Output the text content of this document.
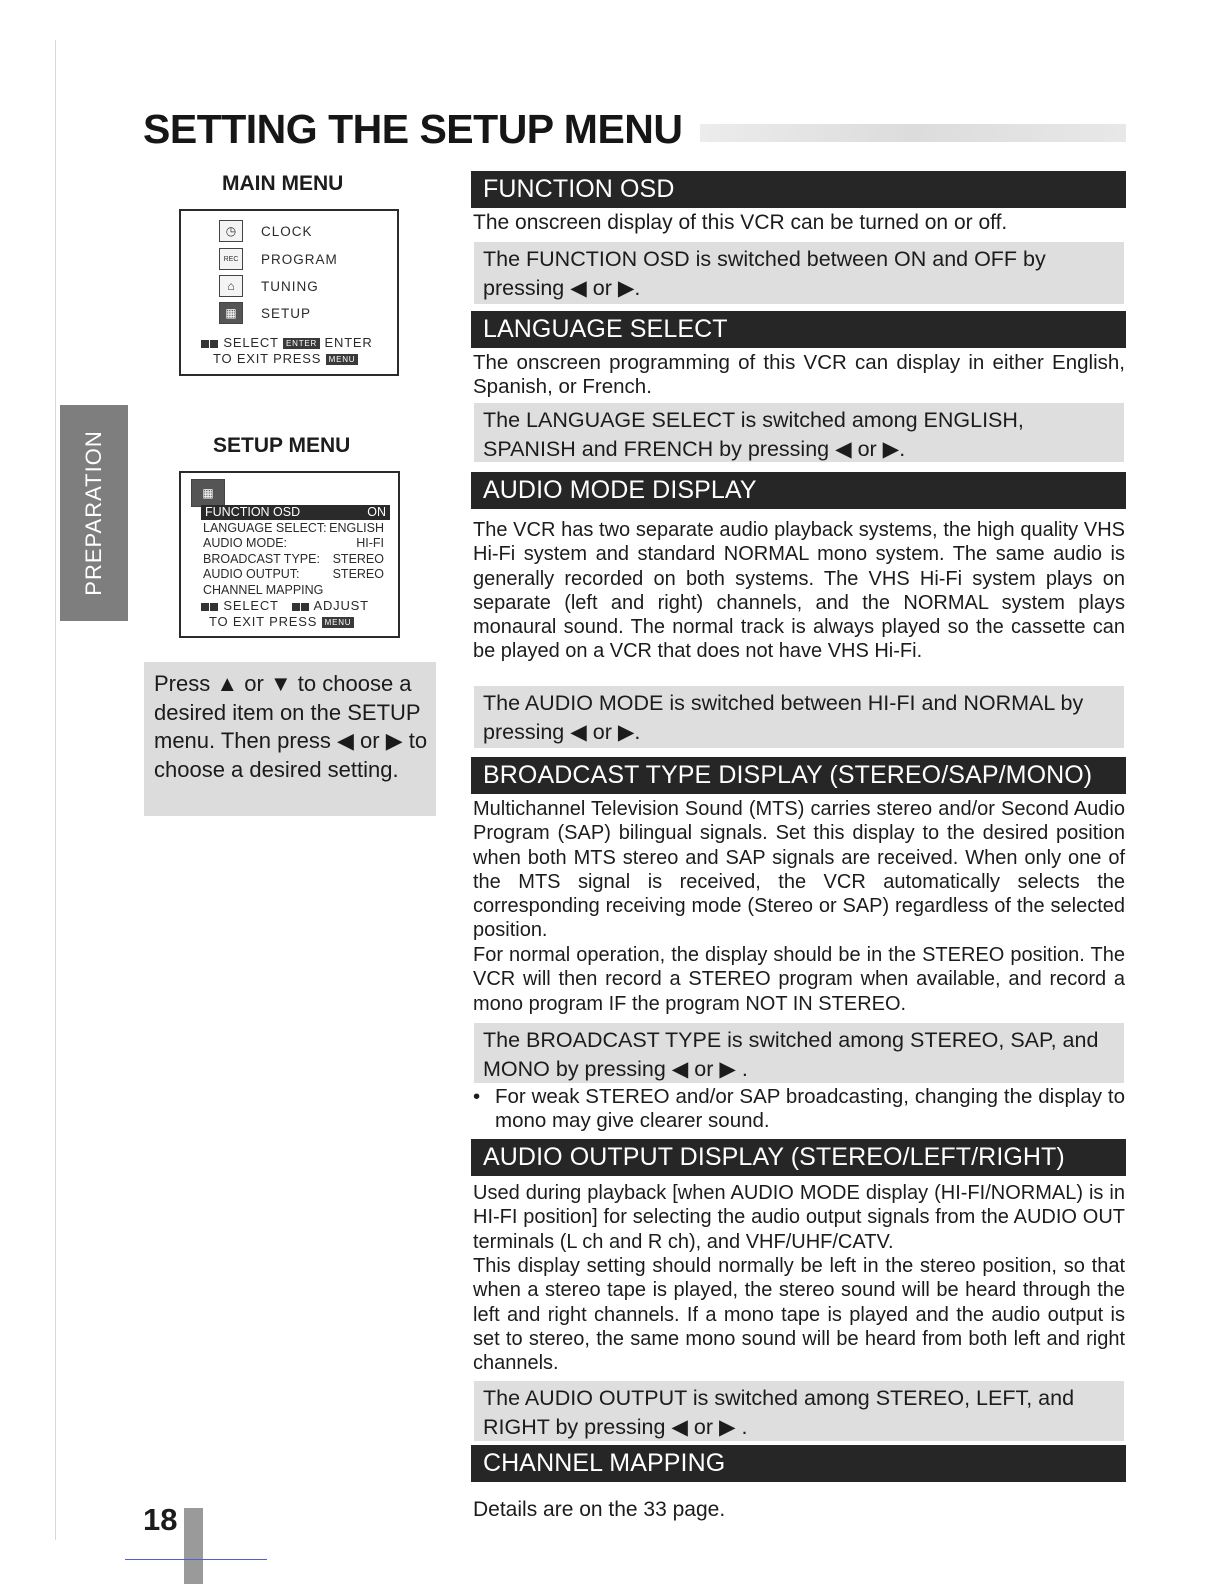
SETTING THE SETUP MENU
PREPARATION
MAIN MENU
◷	CLOCK
REC	PROGRAM
⌂	TUNING
▦	SETUP
SELECT ENTER ENTER
TO EXIT PRESS MENU
SETUP MENU
▦
FUNCTION OSD	ON
LANGUAGE SELECT: ENGLISH
AUDIO MODE:	HI-FI
BROADCAST TYPE: STEREO
AUDIO OUTPUT:	STEREO
CHANNEL MAPPING
SELECT	ADJUST
TO EXIT PRESS MENU
Press ▲ or ▼ to choose a desired item on the SETUP menu. Then press ◀ or ▶ to choose a desired setting.
FUNCTION OSD
The onscreen display of this VCR can be turned on or off.
The FUNCTION OSD is switched between ON and OFF by pressing ◀ or ▶.
LANGUAGE SELECT
The onscreen programming of this VCR can display in either English, Spanish, or French.
The LANGUAGE SELECT is switched among ENGLISH, SPANISH and FRENCH by pressing ◀ or ▶.
AUDIO MODE DISPLAY
The VCR has two separate audio playback systems, the high quality VHS Hi-Fi system and standard NORMAL mono system. The same audio is generally recorded on both systems. The VHS Hi-Fi system plays on separate (left and right) channels, and the NORMAL system plays monaural sound. The normal track is always played so the cassette can be played on a VCR that does not have VHS Hi-Fi.
The AUDIO MODE is switched between HI-FI and NORMAL by pressing ◀ or ▶.
BROADCAST TYPE DISPLAY (STEREO/SAP/MONO)
Multichannel Television Sound (MTS) carries stereo and/or Second Audio Program (SAP) bilingual signals. Set this display to the desired position when both MTS stereo and SAP signals are received. When only one of the MTS signal is received, the VCR automatically selects the corresponding receiving mode (Stereo or SAP) regardless of the selected position.
For normal operation, the display should be in the STEREO position. The VCR will then record a STEREO program when available, and record a mono program IF the program NOT IN STEREO.
The BROADCAST TYPE is switched among STEREO, SAP, and MONO by pressing ◀ or ▶ .
• For weak STEREO and/or SAP broadcasting, changing the display to mono may give clearer sound.
AUDIO OUTPUT DISPLAY (STEREO/LEFT/RIGHT)
Used during playback [when AUDIO MODE display (HI-FI/NORMAL) is in HI-FI position] for selecting the audio output signals from the AUDIO OUT terminals (L ch and R ch), and VHF/UHF/CATV.
This display setting should normally be left in the stereo position, so that when a stereo tape is played, the stereo sound will be heard through the left and right channels. If a mono tape is played and the audio output is set to stereo, the same mono sound will be heard from both left and right channels.
The AUDIO OUTPUT is switched among STEREO, LEFT, and RIGHT by pressing ◀ or ▶ .
CHANNEL MAPPING
Details are on the 33 page.
18
